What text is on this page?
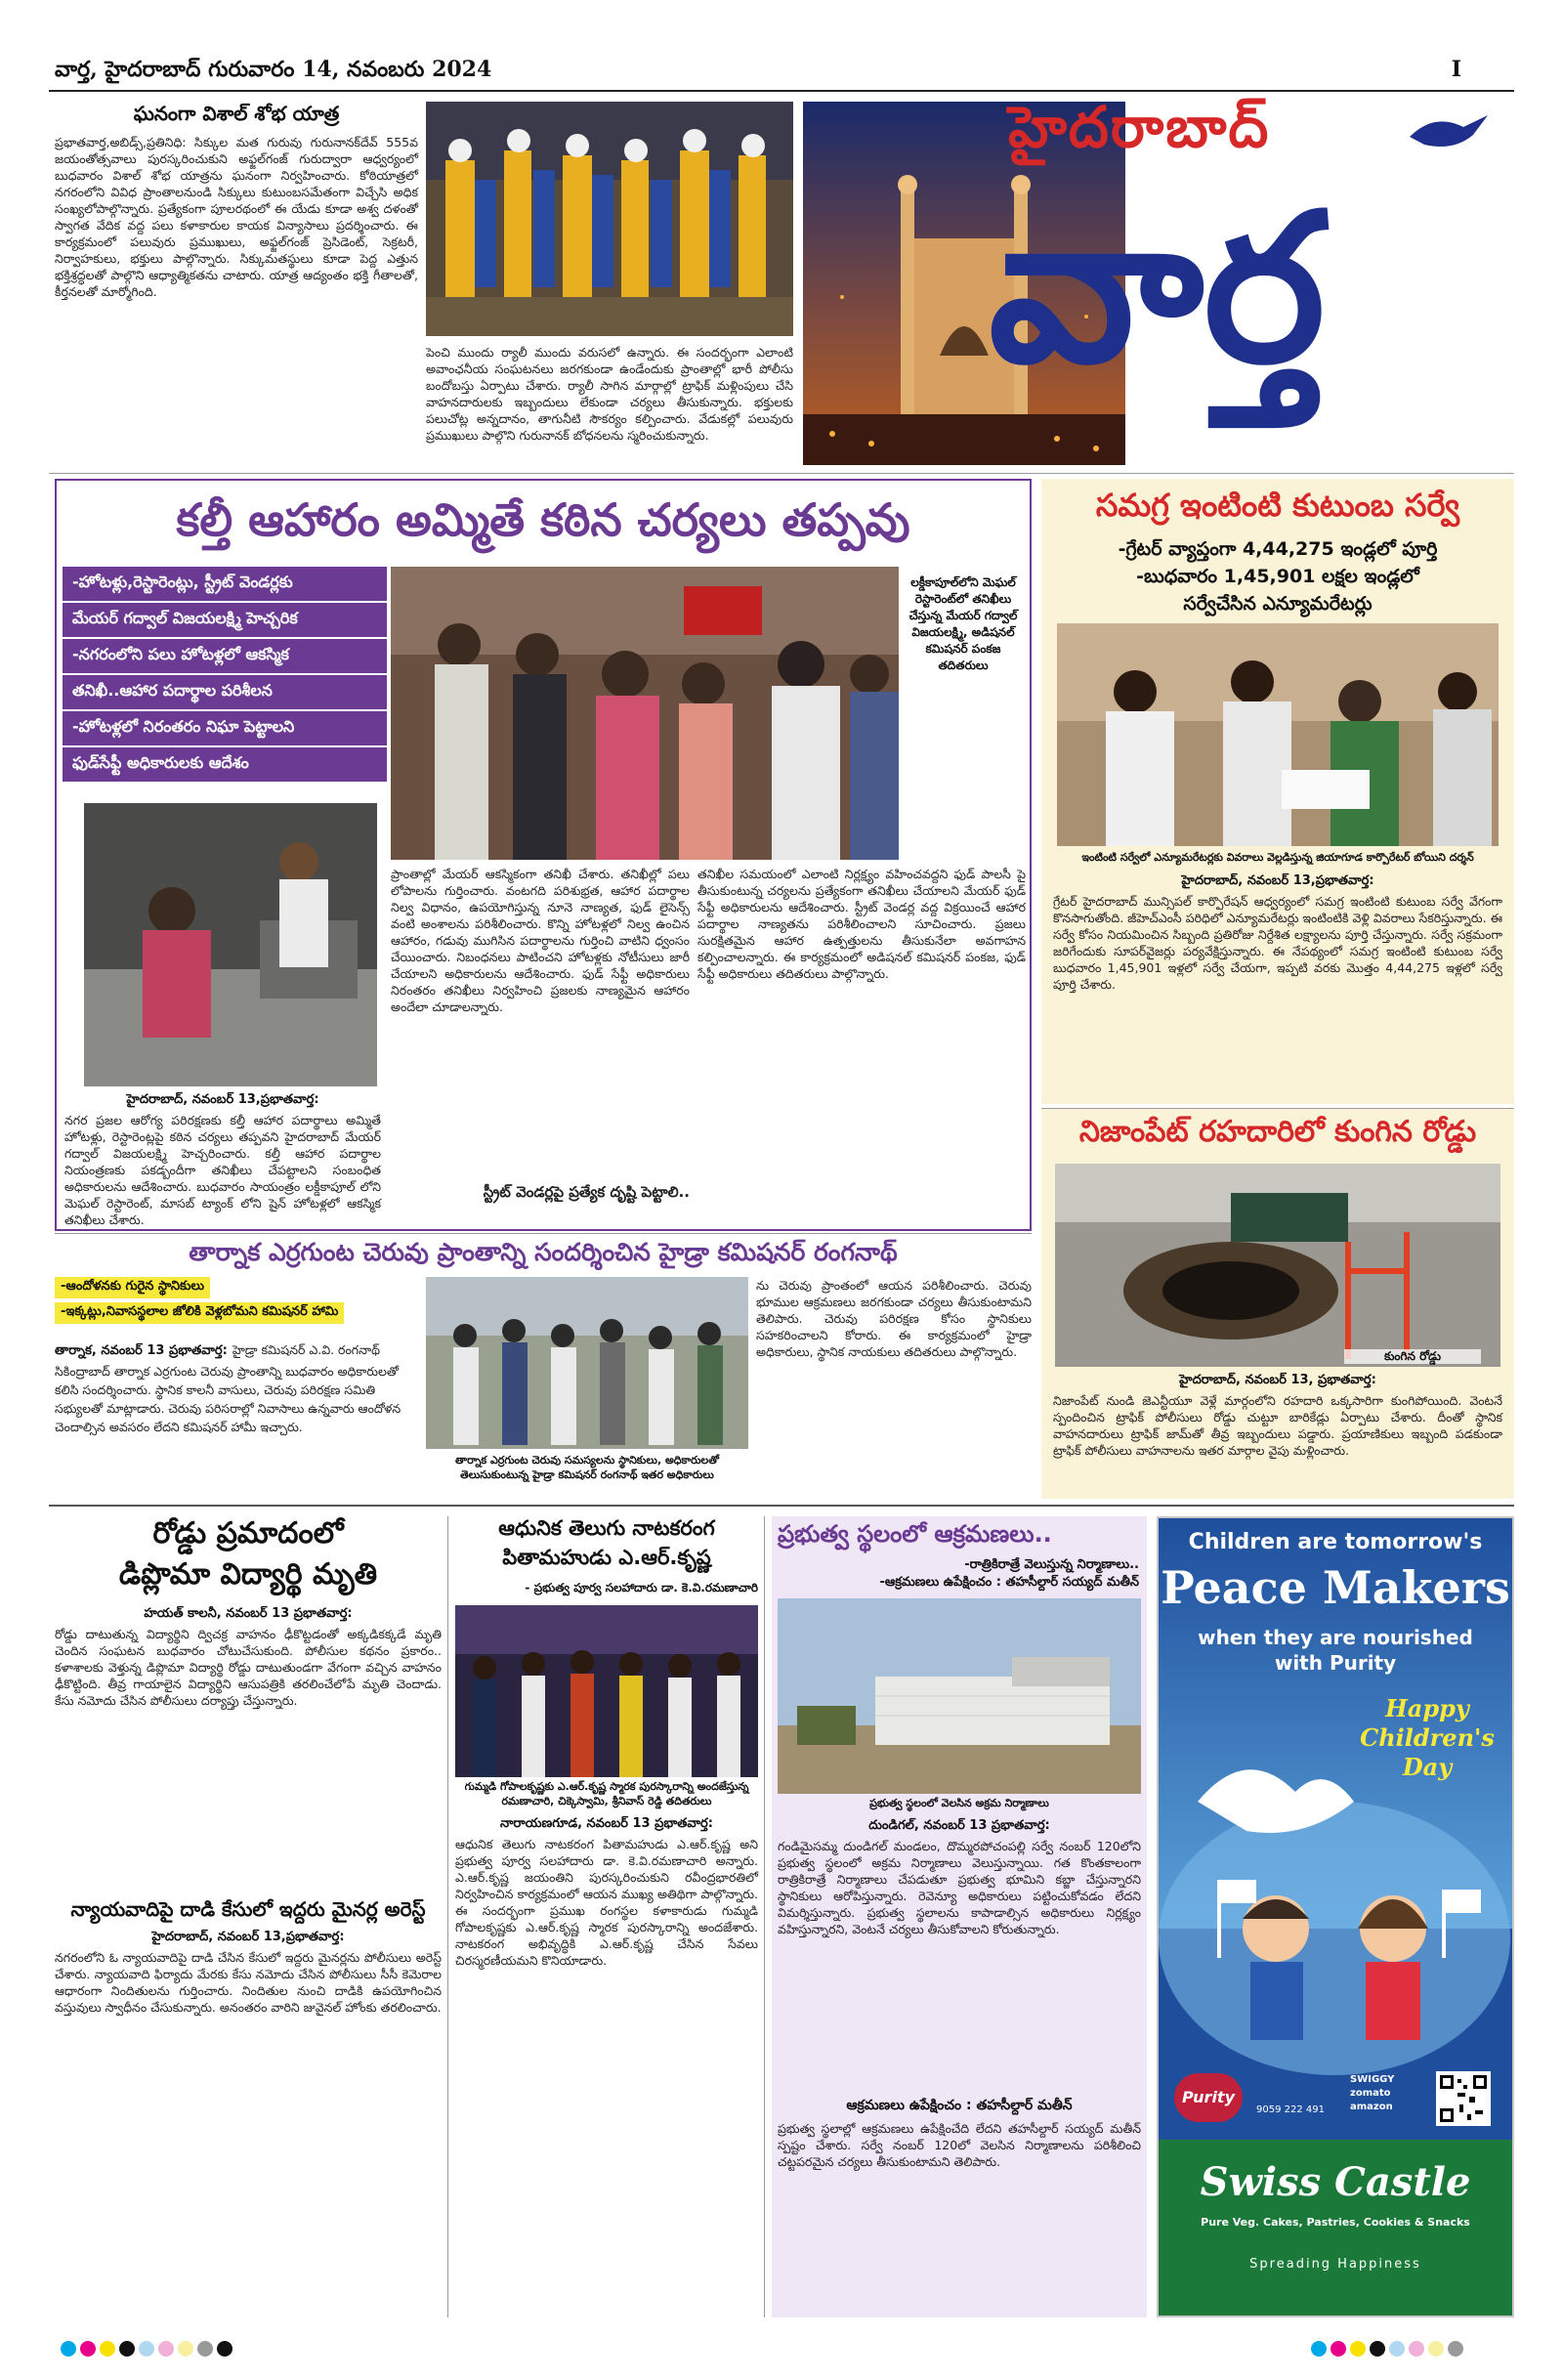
వార్త, హైదరాబాద్ గురువారం 14, నవంబరు 2024	I
ఘనంగా విశాల్ శోభ యాత్ర
ప్రభాతవార్త,అబిడ్స్,ప్రతినిధి: సిక్కుల మత గురువు గురునానక్‌దేవ్ 555వ జయంతోత్సవాలు పురస్కరించుకుని అఫ్జల్‌గంజ్ గురుద్వారా ఆధ్వర్యంలో బుధవారం విశాల్ శోభ యాత్రను ఘనంగా నిర్వహించారు. కోఠియాత్రలో నగరంలోని వివిధ ప్రాంతాలనుండి సిక్కులు కుటుంబసమేతంగా విచ్చేసి అధిక సంఖ్యలోపాల్గొన్నారు. ప్రత్యేకంగా పూలరథంలో ఈ యేడు కూడా అశ్వ దళంతో స్వాగత వేదిక వద్ద పలు కళాకారుల కాయక విన్యాసాలు ప్రదర్శించారు. ఈ కార్యక్రమంలో పలువురు ప్రముఖులు, అఫ్జల్‌గంజ్ ప్రెసిడెంట్, సెక్రటరీ, నిర్వాహకులు, భక్తులు పాల్గొన్నారు. సిక్కుమతస్థులు కూడా పెద్ద ఎత్తున భక్తిశ్రద్ధలతో పాల్గొని ఆధ్యాత్మికతను చాటారు. యాత్ర ఆద్యంతం భక్తి గీతాలతో, కీర్తనలతో మార్మోగింది.
పెంచి ముందు ర్యాలీ ముందు వరుసలో ఉన్నారు. ఈ సందర్భంగా ఎలాంటి అవాంఛనీయ సంఘటనలు జరగకుండా ఉండేందుకు ప్రాంతాల్లో భారీ పోలీసు బందోబస్తు ఏర్పాటు చేశారు. ర్యాలీ సాగిన మార్గాల్లో ట్రాఫిక్ మళ్లింపులు చేసి వాహనదారులకు ఇబ్బందులు లేకుండా చర్యలు తీసుకున్నారు. భక్తులకు పలుచోట్ల అన్నదానం, తాగునీటి సౌకర్యం కల్పించారు. వేడుకల్లో పలువురు ప్రముఖులు పాల్గొని గురునానక్ బోధనలను స్మరించుకున్నారు.
హైదరాబాద్
వార్త
కల్తీ ఆహారం అమ్మితే కఠిన చర్యలు తప్పవు
-హోటళ్లు,రెస్టారెంట్లు, స్ట్రీట్ వెండర్లకు
మేయర్ గద్వాల్ విజయలక్ష్మి హెచ్చరిక
-నగరంలోని పలు హోటళ్లలో ఆకస్మిక
తనిఖీ..ఆహార పదార్థాల పరిశీలన
-హోటళ్లలో నిరంతరం నిఘా పెట్టాలని
ఫుడ్‌సేఫ్టీ అధికారులకు ఆదేశం
లక్డీకాపూల్‌లోని మెఘల్ రెస్టారెంట్‌లో తనిఖీలు చేస్తున్న మేయర్ గద్వాల్ విజయలక్ష్మి, అడిషనల్ కమిషనర్ పంకజ తదితరులు
హైదరాబాద్, నవంబర్ 13,ప్రభాతవార్త:
నగర ప్రజల ఆరోగ్య పరిరక్షణకు కల్తీ ఆహార పదార్థాలు అమ్మితే హోటళ్లు, రెస్టారెంట్లపై కఠిన చర్యలు తప్పవని హైదరాబాద్ మేయర్ గద్వాల్ విజయలక్ష్మి హెచ్చరించారు. కల్తీ ఆహార పదార్థాల నియంత్రణకు పకడ్బందీగా తనిఖీలు చేపట్టాలని సంబంధిత అధికారులను ఆదేశించారు. బుధవారం సాయంత్రం లక్డీకాపూల్ లోని మెఘల్ రెస్టారెంట్, మాసబ్ ట్యాంక్ లోని షైన్ హోటళ్లలో ఆకస్మిక తనిఖీలు చేశారు.
ప్రాంతాల్లో మేయర్ ఆకస్మికంగా తనిఖీ చేశారు. తనిఖీల్లో పలు లోపాలను గుర్తించారు. వంటగది పరిశుభ్రత, ఆహార పదార్థాల నిల్వ విధానం, ఉపయోగిస్తున్న నూనె నాణ్యత, ఫుడ్ లైసెన్స్ వంటి అంశాలను పరిశీలించారు. కొన్ని హోటళ్లలో నిల్వ ఉంచిన ఆహారం, గడువు ముగిసిన పదార్థాలను గుర్తించి వాటిని ధ్వంసం చేయించారు. నిబంధనలు పాటించని హోటళ్లకు నోటీసులు జారీ చేయాలని అధికారులను ఆదేశించారు. ఫుడ్ సేఫ్టీ అధికారులు నిరంతరం తనిఖీలు నిర్వహించి ప్రజలకు నాణ్యమైన ఆహారం అందేలా చూడాలన్నారు.
స్ట్రీట్ వెండర్లపై ప్రత్యేక దృష్టి పెట్టాలి..
తనిఖీల సమయంలో ఎలాంటి నిర్లక్ష్యం వహించవద్దని ఫుడ్ పాలసీ పై తీసుకుంటున్న చర్యలను ప్రత్యేకంగా తనిఖీలు చేయాలని మేయర్ ఫుడ్ సేఫ్టీ అధికారులను ఆదేశించారు. స్ట్రీట్ వెండర్ల వద్ద విక్రయించే ఆహార పదార్థాల నాణ్యతను పరిశీలించాలని సూచించారు. ప్రజలు సురక్షితమైన ఆహార ఉత్పత్తులను తీసుకునేలా అవగాహన కల్పించాలన్నారు. ఈ కార్యక్రమంలో అడిషనల్ కమిషనర్ పంకజ, ఫుడ్ సేఫ్టీ అధికారులు తదితరులు పాల్గొన్నారు.
సమగ్ర ఇంటింటి కుటుంబ సర్వే
-గ్రేటర్ వ్యాప్తంగా 4,44,275 ఇండ్లలో పూర్తి
-బుధవారం 1,45,901 లక్షల ఇండ్లలో
సర్వేచేసిన ఎన్యూమరేటర్లు
ఇంటింటి సర్వేలో ఎన్యూమరేటర్లకు వివరాలు వెల్లడిస్తున్న జియాగూడ కార్పొరేటర్ బోయిని దర్శన్
హైదరాబాద్, నవంబర్ 13,ప్రభాతవార్త:
గ్రేటర్ హైదరాబాద్ మున్సిపల్ కార్పొరేషన్ ఆధ్వర్యంలో సమగ్ర ఇంటింటి కుటుంబ సర్వే వేగంగా కొనసాగుతోంది. జీహెచ్ఎంసీ పరిధిలో ఎన్యూమరేటర్లు ఇంటింటికి వెళ్లి వివరాలు సేకరిస్తున్నారు. ఈ సర్వే కోసం నియమించిన సిబ్బంది ప్రతిరోజు నిర్దేశిత లక్ష్యాలను పూర్తి చేస్తున్నారు. సర్వే సక్రమంగా జరిగేందుకు సూపర్‌వైజర్లు పర్యవేక్షిస్తున్నారు. ఈ నేపథ్యంలో సమగ్ర ఇంటింటి కుటుంబ సర్వే బుధవారం 1,45,901 ఇళ్లలో సర్వే చేయగా, ఇప్పటి వరకు మొత్తం 4,44,275 ఇళ్లలో సర్వే పూర్తి చేశారు.
నిజాంపేట్ రహదారిలో కుంగిన రోడ్డు
కుంగిన రోడ్డు
హైదరాబాద్, నవంబర్ 13, ప్రభాతవార్త:
నిజాంపేట్ నుండి జెఎన్టీయూ వెళ్లే మార్గంలోని రహదారి ఒక్కసారిగా కుంగిపోయింది. వెంటనే స్పందించిన ట్రాఫిక్ పోలీసులు రోడ్డు చుట్టూ బారికేడ్లు ఏర్పాటు చేశారు. దీంతో స్థానిక వాహనదారులు ట్రాఫిక్ జామ్‌తో తీవ్ర ఇబ్బందులు పడ్డారు. ప్రయాణికులు ఇబ్బంది పడకుండా ట్రాఫిక్ పోలీసులు వాహనాలను ఇతర మార్గాల వైపు మళ్లించారు.
తార్నాక ఎర్రగుంట చెరువు ప్రాంతాన్ని సందర్శించిన హైడ్రా కమిషనర్ రంగనాథ్
-ఆందోళనకు గురైన స్థానికులు
-ఇక్కట్లు,నివాసస్థలాల జోలికి వెళ్లబోమని కమిషనర్ హామి
తార్నాక, నవంబర్ 13 ప్రభాతవార్త: హైడ్రా కమిషనర్ ఎ.వి. రంగనాథ్ సికింద్రాబాద్ తార్నాక ఎర్రగుంట చెరువు ప్రాంతాన్ని బుధవారం అధికారులతో కలిసి సందర్శించారు. స్థానిక కాలనీ వాసులు, చెరువు పరిరక్షణ సమితి సభ్యులతో మాట్లాడారు. చెరువు పరిసరాల్లో నివాసాలు ఉన్నవారు ఆందోళన చెందాల్సిన అవసరం లేదని కమిషనర్ హామీ ఇచ్చారు.
తార్నాక ఎర్రగుంట చెరువు సమస్యలను స్థానికులు, అధికారులతో తెలుసుకుంటున్న హైడ్రా కమిషనర్ రంగనాథ్ ఇతర అధికారులు
ను చెరువు ప్రాంతంలో ఆయన పరిశీలించారు. చెరువు భూముల ఆక్రమణలు జరగకుండా చర్యలు తీసుకుంటామని తెలిపారు. చెరువు పరిరక్షణ కోసం స్థానికులు సహకరించాలని కోరారు. ఈ కార్యక్రమంలో హైడ్రా అధికారులు, స్థానిక నాయకులు తదితరులు పాల్గొన్నారు.
రోడ్డు ప్రమాదంలో
డిప్లొమా విద్యార్థి మృతి
హయత్ కాలనీ, నవంబర్ 13 ప్రభాతవార్త:
రోడ్డు దాటుతున్న విద్యార్థిని ద్విచక్ర వాహనం ఢీకొట్టడంతో అక్కడికక్కడే మృతి చెందిన సంఘటన బుధవారం చోటుచేసుకుంది. పోలీసుల కథనం ప్రకారం.. కళాశాలకు వెళ్తున్న డిప్లొమా విద్యార్థి రోడ్డు దాటుతుండగా వేగంగా వచ్చిన వాహనం ఢీకొట్టింది. తీవ్ర గాయాలైన విద్యార్థిని ఆసుపత్రికి తరలించేలోపే మృతి చెందాడు. కేసు నమోదు చేసిన పోలీసులు దర్యాప్తు చేస్తున్నారు.
న్యాయవాదిపై దాడి కేసులో ఇద్దరు మైనర్ల అరెస్ట్
హైదరాబాద్, నవంబర్ 13,ప్రభాతవార్త:
నగరంలోని ఓ న్యాయవాదిపై దాడి చేసిన కేసులో ఇద్దరు మైనర్లను పోలీసులు అరెస్ట్ చేశారు. న్యాయవాది ఫిర్యాదు మేరకు కేసు నమోదు చేసిన పోలీసులు సీసీ కెమెరాల ఆధారంగా నిందితులను గుర్తించారు. నిందితుల నుంచి దాడికి ఉపయోగించిన వస్తువులు స్వాధీనం చేసుకున్నారు. అనంతరం వారిని జువైనల్ హోంకు తరలించారు.
ఆధునిక తెలుగు నాటకరంగ
పితామహుడు ఎ.ఆర్.కృష్ణ
- ప్రభుత్వ పూర్వ సలహాదారు డా. కె.వి.రమణాచారి
గుమ్మడి గోపాలకృష్ణకు ఎ.ఆర్.కృష్ణ స్మారక పురస్కారాన్ని అందజేస్తున్న రమణాచారి, చిక్కెస్వామి, శ్రీనివాస్ రెడ్డి తదితరులు
నారాయణగూడ, నవంబర్ 13 ప్రభాతవార్త:
ఆధునిక తెలుగు నాటకరంగ పితామహుడు ఎ.ఆర్.కృష్ణ అని ప్రభుత్వ పూర్వ సలహాదారు డా. కె.వి.రమణాచారి అన్నారు. ఎ.ఆర్.కృష్ణ జయంతిని పురస్కరించుకుని రవీంద్రభారతిలో నిర్వహించిన కార్యక్రమంలో ఆయన ముఖ్య అతిథిగా పాల్గొన్నారు. ఈ సందర్భంగా ప్రముఖ రంగస్థల కళాకారుడు గుమ్మడి గోపాలకృష్ణకు ఎ.ఆర్.కృష్ణ స్మారక పురస్కారాన్ని అందజేశారు. నాటకరంగ అభివృద్ధికి ఎ.ఆర్.కృష్ణ చేసిన సేవలు చిరస్మరణీయమని కొనియాడారు.
ప్రభుత్వ స్థలంలో ఆక్రమణలు..
-రాత్రికిరాత్రే వెలుస్తున్న నిర్మాణాలు..
-ఆక్రమణలు ఉపేక్షించం : తహసీల్దార్ సయ్యద్ మతీన్
ప్రభుత్వ స్థలంలో వెలసిన అక్రమ నిర్మాణాలు
దుండిగల్, నవంబర్ 13 ప్రభాతవార్త:
గండిమైసమ్మ దుండిగల్ మండలం, దొమ్మరపోచంపల్లి సర్వే నంబర్ 120లోని ప్రభుత్వ స్థలంలో అక్రమ నిర్మాణాలు వెలుస్తున్నాయి. గత కొంతకాలంగా రాత్రికిరాత్రే నిర్మాణాలు చేపడుతూ ప్రభుత్వ భూమిని కబ్జా చేస్తున్నారని స్థానికులు ఆరోపిస్తున్నారు. రెవెన్యూ అధికారులు పట్టించుకోవడం లేదని విమర్శిస్తున్నారు. ప్రభుత్వ స్థలాలను కాపాడాల్సిన అధికారులు నిర్లక్ష్యం వహిస్తున్నారని, వెంటనే చర్యలు తీసుకోవాలని కోరుతున్నారు.
ఆక్రమణలు ఉపేక్షించం : తహసీల్దార్ మతీన్
ప్రభుత్వ స్థలాల్లో ఆక్రమణలు ఉపేక్షించేది లేదని తహసీల్దార్ సయ్యద్ మతీన్ స్పష్టం చేశారు. సర్వే నంబర్ 120లో వెలసిన నిర్మాణాలను పరిశీలించి చట్టపరమైన చర్యలు తీసుకుంటామని తెలిపారు.
Children are tomorrow's
Peace Makers
when they are nourished
with Purity
Happy
Children's
Day
Purity
9059 222 491
SWIGGY
zomato
amazon
Swiss Castle
Pure Veg. Cakes, Pastries, Cookies & Snacks
Spreading Happiness
